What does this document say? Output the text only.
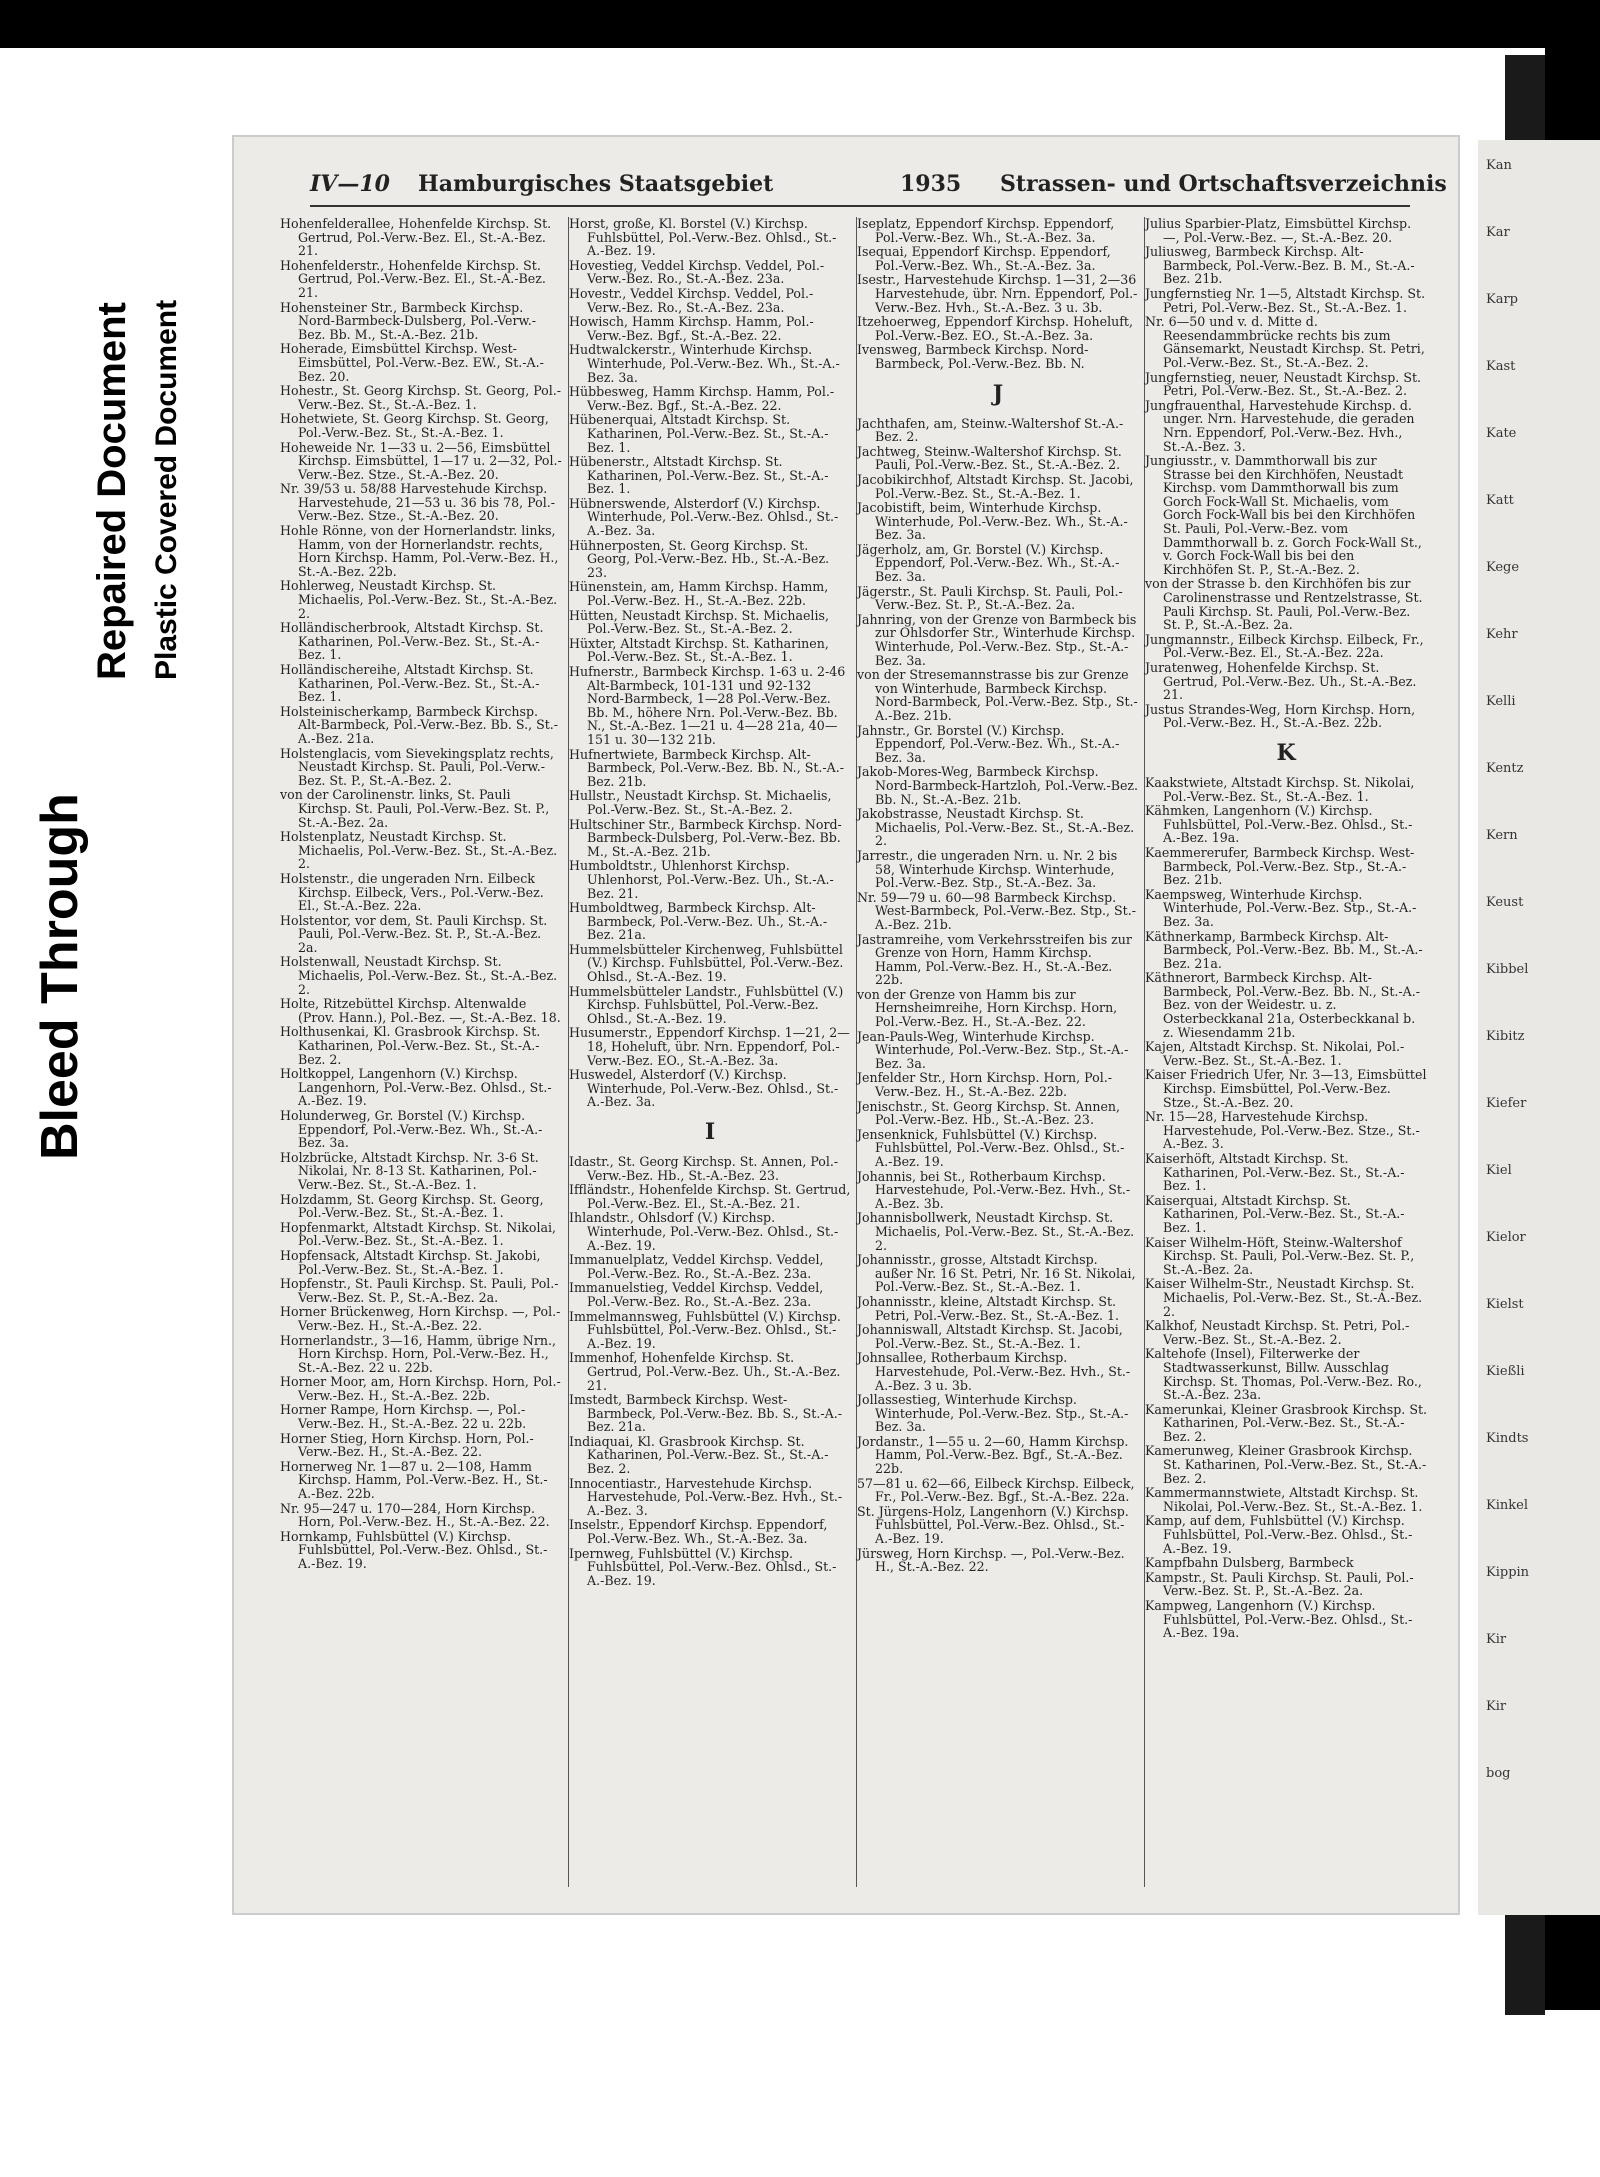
Bleed Through
Repaired Document Plastic Covered Document
IV—10 Hamburgisches Staatsgebiet	1935 Strassen- und Ortschaftsverzeichnis
Hohenfelderallee, Hohenfelde Kirchsp. St. Gertrud, Pol.-Verw.-Bez. El., St.-A.-Bez. 21.
Hohenfelderstr., Hohenfelde Kirchsp. St. Gertrud, Pol.-Verw.-Bez. El., St.-A.-Bez. 21.
Hohensteiner Str., Barmbeck Kirchsp. Nord-Barmbeck-Dulsberg, Pol.-Verw.-Bez. Bb. M., St.-A.-Bez. 21b.
Hoherade, Eimsbüttel Kirchsp. West-Eimsbüttel, Pol.-Verw.-Bez. EW., St.-A.-Bez. 20.
Hohestr., St. Georg Kirchsp. St. Georg, Pol.-Verw.-Bez. St., St.-A.-Bez. 1.
Hohetwiete, St. Georg Kirchsp. St. Georg, Pol.-Verw.-Bez. St., St.-A.-Bez. 1.
Hoheweide Nr. 1—33 u. 2—56, Eimsbüttel Kirchsp. Eimsbüttel, 1—17 u. 2—32, Pol.-Verw.-Bez. Stze., St.-A.-Bez. 20.
Nr. 39/53 u. 58/88 Harvestehude Kirchsp. Harvestehude, 21—53 u. 36 bis 78, Pol.-Verw.-Bez. Stze., St.-A.-Bez. 20.
Hohle Rönne, von der Hornerlandstr. links, Hamm, von der Hornerlandstr. rechts, Horn Kirchsp. Hamm, Pol.-Verw.-Bez. H., St.-A.-Bez. 22b.
Hohlerweg, Neustadt Kirchsp. St. Michaelis, Pol.-Verw.-Bez. St., St.-A.-Bez. 2.
Holländischerbrook, Altstadt Kirchsp. St. Katharinen, Pol.-Verw.-Bez. St., St.-A.-Bez. 1.
Holländischereihe, Altstadt Kirchsp. St. Katharinen, Pol.-Verw.-Bez. St., St.-A.-Bez. 1.
Holsteinischerkamp, Barmbeck Kirchsp. Alt-Barmbeck, Pol.-Verw.-Bez. Bb. S., St.-A.-Bez. 21a.
Holstenglacis, vom Sievekingsplatz rechts, Neustadt Kirchsp. St. Pauli, Pol.-Verw.-Bez. St. P., St.-A.-Bez. 2.
von der Carolinenstr. links, St. Pauli Kirchsp. St. Pauli, Pol.-Verw.-Bez. St. P., St.-A.-Bez. 2a.
Holstenplatz, Neustadt Kirchsp. St. Michaelis, Pol.-Verw.-Bez. St., St.-A.-Bez. 2.
Holstenstr., die ungeraden Nrn. Eilbeck Kirchsp. Eilbeck, Vers., Pol.-Verw.-Bez. El., St.-A.-Bez. 22a.
Holstentor, vor dem, St. Pauli Kirchsp. St. Pauli, Pol.-Verw.-Bez. St. P., St.-A.-Bez. 2a.
Holstenwall, Neustadt Kirchsp. St. Michaelis, Pol.-Verw.-Bez. St., St.-A.-Bez. 2.
Holte, Ritzebüttel Kirchsp. Altenwalde (Prov. Hann.), Pol.-Bez. —, St.-A.-Bez. 18.
Holthusenkai, Kl. Grasbrook Kirchsp. St. Katharinen, Pol.-Verw.-Bez. St., St.-A.-Bez. 2.
Holtkoppel, Langenhorn (V.) Kirchsp. Langenhorn, Pol.-Verw.-Bez. Ohlsd., St.-A.-Bez. 19.
Holunderweg, Gr. Borstel (V.) Kirchsp. Eppendorf, Pol.-Verw.-Bez. Wh., St.-A.-Bez. 3a.
Holzbrücke, Altstadt Kirchsp. Nr. 3-6 St. Nikolai, Nr. 8-13 St. Katharinen, Pol.-Verw.-Bez. St., St.-A.-Bez. 1.
Holzdamm, St. Georg Kirchsp. St. Georg, Pol.-Verw.-Bez. St., St.-A.-Bez. 1.
Hopfenmarkt, Altstadt Kirchsp. St. Nikolai, Pol.-Verw.-Bez. St., St.-A.-Bez. 1.
Hopfensack, Altstadt Kirchsp. St. Jakobi, Pol.-Verw.-Bez. St., St.-A.-Bez. 1.
Hopfenstr., St. Pauli Kirchsp. St. Pauli, Pol.-Verw.-Bez. St. P., St.-A.-Bez. 2a.
Horner Brückenweg, Horn Kirchsp. —, Pol.-Verw.-Bez. H., St.-A.-Bez. 22.
Hornerlandstr., 3—16, Hamm, übrige Nrn., Horn Kirchsp. Horn, Pol.-Verw.-Bez. H., St.-A.-Bez. 22 u. 22b.
Horner Moor, am, Horn Kirchsp. Horn, Pol.-Verw.-Bez. H., St.-A.-Bez. 22b.
Horner Rampe, Horn Kirchsp. —, Pol.-Verw.-Bez. H., St.-A.-Bez. 22 u. 22b.
Horner Stieg, Horn Kirchsp. Horn, Pol.-Verw.-Bez. H., St.-A.-Bez. 22.
Hornerweg Nr. 1—87 u. 2—108, Hamm Kirchsp. Hamm, Pol.-Verw.-Bez. H., St.-A.-Bez. 22b.
Nr. 95—247 u. 170—284, Horn Kirchsp. Horn, Pol.-Verw.-Bez. H., St.-A.-Bez. 22.
Hornkamp, Fuhlsbüttel (V.) Kirchsp. Fuhlsbüttel, Pol.-Verw.-Bez. Ohlsd., St.-A.-Bez. 19.
Horst, große, Kl. Borstel (V.) Kirchsp. Fuhlsbüttel, Pol.-Verw.-Bez. Ohlsd., St.-A.-Bez. 19.
Hovestieg, Veddel Kirchsp. Veddel, Pol.-Verw.-Bez. Ro., St.-A.-Bez. 23a.
Hovestr., Veddel Kirchsp. Veddel, Pol.-Verw.-Bez. Ro., St.-A.-Bez. 23a.
Howisch, Hamm Kirchsp. Hamm, Pol.-Verw.-Bez. Bgf., St.-A.-Bez. 22.
Hudtwalckerstr., Winterhude Kirchsp. Winterhude, Pol.-Verw.-Bez. Wh., St.-A.-Bez. 3a.
Hübbesweg, Hamm Kirchsp. Hamm, Pol.-Verw.-Bez. Bgf., St.-A.-Bez. 22.
Hübenerquai, Altstadt Kirchsp. St. Katharinen, Pol.-Verw.-Bez. St., St.-A.-Bez. 1.
Hübenerstr., Altstadt Kirchsp. St. Katharinen, Pol.-Verw.-Bez. St., St.-A.-Bez. 1.
Hübnerswende, Alsterdorf (V.) Kirchsp. Winterhude, Pol.-Verw.-Bez. Ohlsd., St.-A.-Bez. 3a.
Hühnerposten, St. Georg Kirchsp. St. Georg, Pol.-Verw.-Bez. Hb., St.-A.-Bez. 23.
Hünenstein, am, Hamm Kirchsp. Hamm, Pol.-Verw.-Bez. H., St.-A.-Bez. 22b.
Hütten, Neustadt Kirchsp. St. Michaelis, Pol.-Verw.-Bez. St., St.-A.-Bez. 2.
Hüxter, Altstadt Kirchsp. St. Katharinen, Pol.-Verw.-Bez. St., St.-A.-Bez. 1.
Hufnerstr., Barmbeck Kirchsp. 1-63 u. 2-46 Alt-Barmbeck, 101-131 und 92-132 Nord-Barmbeck, 1—28 Pol.-Verw.-Bez. Bb. M., höhere Nrn. Pol.-Verw.-Bez. Bb. N., St.-A.-Bez. 1—21 u. 4—28 21a, 40—151 u. 30—132 21b.
Hufnertwiete, Barmbeck Kirchsp. Alt-Barmbeck, Pol.-Verw.-Bez. Bb. N., St.-A.-Bez. 21b.
Hullstr., Neustadt Kirchsp. St. Michaelis, Pol.-Verw.-Bez. St., St.-A.-Bez. 2.
Hultschiner Str., Barmbeck Kirchsp. Nord-Barmbeck-Dulsberg, Pol.-Verw.-Bez. Bb. M., St.-A.-Bez. 21b.
Humboldtstr., Uhlenhorst Kirchsp. Uhlenhorst, Pol.-Verw.-Bez. Uh., St.-A.-Bez. 21.
Humboldtweg, Barmbeck Kirchsp. Alt-Barmbeck, Pol.-Verw.-Bez. Uh., St.-A.-Bez. 21a.
Hummelsbütteler Kirchenweg, Fuhlsbüttel (V.) Kirchsp. Fuhlsbüttel, Pol.-Verw.-Bez. Ohlsd., St.-A.-Bez. 19.
Hummelsbütteler Landstr., Fuhlsbüttel (V.) Kirchsp. Fuhlsbüttel, Pol.-Verw.-Bez. Ohlsd., St.-A.-Bez. 19.
Husumerstr., Eppendorf Kirchsp. 1—21, 2—18, Hoheluft, übr. Nrn. Eppendorf, Pol.-Verw.-Bez. EO., St.-A.-Bez. 3a.
Huswedel, Alsterdorf (V.) Kirchsp. Winterhude, Pol.-Verw.-Bez. Ohlsd., St.-A.-Bez. 3a.
I
Idastr., St. Georg Kirchsp. St. Annen, Pol.-Verw.-Bez. Hb., St.-A.-Bez. 23.
Iffländstr., Hohenfelde Kirchsp. St. Gertrud, Pol.-Verw.-Bez. El., St.-A.-Bez. 21.
Ihlandstr., Ohlsdorf (V.) Kirchsp. Winterhude, Pol.-Verw.-Bez. Ohlsd., St.-A.-Bez. 19.
Immanuelplatz, Veddel Kirchsp. Veddel, Pol.-Verw.-Bez. Ro., St.-A.-Bez. 23a.
Immanuelstieg, Veddel Kirchsp. Veddel, Pol.-Verw.-Bez. Ro., St.-A.-Bez. 23a.
Immelmannsweg, Fuhlsbüttel (V.) Kirchsp. Fuhlsbüttel, Pol.-Verw.-Bez. Ohlsd., St.-A.-Bez. 19.
Immenhof, Hohenfelde Kirchsp. St. Gertrud, Pol.-Verw.-Bez. Uh., St.-A.-Bez. 21.
Imstedt, Barmbeck Kirchsp. West-Barmbeck, Pol.-Verw.-Bez. Bb. S., St.-A.-Bez. 21a.
Indiaquai, Kl. Grasbrook Kirchsp. St. Katharinen, Pol.-Verw.-Bez. St., St.-A.-Bez. 2.
Innocentiastr., Harvestehude Kirchsp. Harvestehude, Pol.-Verw.-Bez. Hvh., St.-A.-Bez. 3.
Inselstr., Eppendorf Kirchsp. Eppendorf, Pol.-Verw.-Bez. Wh., St.-A.-Bez. 3a.
Ipernweg, Fuhlsbüttel (V.) Kirchsp. Fuhlsbüttel, Pol.-Verw.-Bez. Ohlsd., St.-A.-Bez. 19.
Iseplatz, Eppendorf Kirchsp. Eppendorf, Pol.-Verw.-Bez. Wh., St.-A.-Bez. 3a.
Isequai, Eppendorf Kirchsp. Eppendorf, Pol.-Verw.-Bez. Wh., St.-A.-Bez. 3a.
Isestr., Harvestehude Kirchsp. 1—31, 2—36 Harvestehude, übr. Nrn. Eppendorf, Pol.-Verw.-Bez. Hvh., St.-A.-Bez. 3 u. 3b.
Itzehoerweg, Eppendorf Kirchsp. Hoheluft, Pol.-Verw.-Bez. EO., St.-A.-Bez. 3a.
Ivensweg, Barmbeck Kirchsp. Nord-Barmbeck, Pol.-Verw.-Bez. Bb. N.
J
Jachthafen, am, Steinw.-Waltershof St.-A.-Bez. 2.
Jachtweg, Steinw.-Waltershof Kirchsp. St. Pauli, Pol.-Verw.-Bez. St., St.-A.-Bez. 2.
Jacobikirchhof, Altstadt Kirchsp. St. Jacobi, Pol.-Verw.-Bez. St., St.-A.-Bez. 1.
Jacobistift, beim, Winterhude Kirchsp. Winterhude, Pol.-Verw.-Bez. Wh., St.-A.-Bez. 3a.
Jägerholz, am, Gr. Borstel (V.) Kirchsp. Eppendorf, Pol.-Verw.-Bez. Wh., St.-A.-Bez. 3a.
Jägerstr., St. Pauli Kirchsp. St. Pauli, Pol.-Verw.-Bez. St. P., St.-A.-Bez. 2a.
Jahnring, von der Grenze von Barmbeck bis zur Ohlsdorfer Str., Winterhude Kirchsp. Winterhude, Pol.-Verw.-Bez. Stp., St.-A.-Bez. 3a.
von der Stresemannstrasse bis zur Grenze von Winterhude, Barmbeck Kirchsp. Nord-Barmbeck, Pol.-Verw.-Bez. Stp., St.-A.-Bez. 21b.
Jahnstr., Gr. Borstel (V.) Kirchsp. Eppendorf, Pol.-Verw.-Bez. Wh., St.-A.-Bez. 3a.
Jakob-Mores-Weg, Barmbeck Kirchsp. Nord-Barmbeck-Hartzloh, Pol.-Verw.-Bez. Bb. N., St.-A.-Bez. 21b.
Jakobstrasse, Neustadt Kirchsp. St. Michaelis, Pol.-Verw.-Bez. St., St.-A.-Bez. 2.
Jarrestr., die ungeraden Nrn. u. Nr. 2 bis 58, Winterhude Kirchsp. Winterhude, Pol.-Verw.-Bez. Stp., St.-A.-Bez. 3a.
Nr. 59—79 u. 60—98 Barmbeck Kirchsp. West-Barmbeck, Pol.-Verw.-Bez. Stp., St.-A.-Bez. 21b.
Jastramreihe, vom Verkehrsstreifen bis zur Grenze von Horn, Hamm Kirchsp. Hamm, Pol.-Verw.-Bez. H., St.-A.-Bez. 22b.
von der Grenze von Hamm bis zur Hernsheimreihe, Horn Kirchsp. Horn, Pol.-Verw.-Bez. H., St.-A.-Bez. 22.
Jean-Pauls-Weg, Winterhude Kirchsp. Winterhude, Pol.-Verw.-Bez. Stp., St.-A.-Bez. 3a.
Jenfelder Str., Horn Kirchsp. Horn, Pol.-Verw.-Bez. H., St.-A.-Bez. 22b.
Jenischstr., St. Georg Kirchsp. St. Annen, Pol.-Verw.-Bez. Hb., St.-A.-Bez. 23.
Jensenknick, Fuhlsbüttel (V.) Kirchsp. Fuhlsbüttel, Pol.-Verw.-Bez. Ohlsd., St.-A.-Bez. 19.
Johannis, bei St., Rotherbaum Kirchsp. Harvestehude, Pol.-Verw.-Bez. Hvh., St.-A.-Bez. 3b.
Johannisbollwerk, Neustadt Kirchsp. St. Michaelis, Pol.-Verw.-Bez. St., St.-A.-Bez. 2.
Johannisstr., grosse, Altstadt Kirchsp. außer Nr. 16 St. Petri, Nr. 16 St. Nikolai, Pol.-Verw.-Bez. St., St.-A.-Bez. 1.
Johannisstr., kleine, Altstadt Kirchsp. St. Petri, Pol.-Verw.-Bez. St., St.-A.-Bez. 1.
Johanniswall, Altstadt Kirchsp. St. Jacobi, Pol.-Verw.-Bez. St., St.-A.-Bez. 1.
Johnsallee, Rotherbaum Kirchsp. Harvestehude, Pol.-Verw.-Bez. Hvh., St.-A.-Bez. 3 u. 3b.
Jollassestieg, Winterhude Kirchsp. Winterhude, Pol.-Verw.-Bez. Stp., St.-A.-Bez. 3a.
Jordanstr., 1—55 u. 2—60, Hamm Kirchsp. Hamm, Pol.-Verw.-Bez. Bgf., St.-A.-Bez. 22b.
57—81 u. 62—66, Eilbeck Kirchsp. Eilbeck, Fr., Pol.-Verw.-Bez. Bgf., St.-A.-Bez. 22a.
St. Jürgens-Holz, Langenhorn (V.) Kirchsp. Fuhlsbüttel, Pol.-Verw.-Bez. Ohlsd., St.-A.-Bez. 19.
Jürsweg, Horn Kirchsp. —, Pol.-Verw.-Bez. H., St.-A.-Bez. 22.
Julius Sparbier-Platz, Eimsbüttel Kirchsp. —, Pol.-Verw.-Bez. —, St.-A.-Bez. 20.
Juliusweg, Barmbeck Kirchsp. Alt-Barmbeck, Pol.-Verw.-Bez. B. M., St.-A.-Bez. 21b.
Jungfernstieg Nr. 1—5, Altstadt Kirchsp. St. Petri, Pol.-Verw.-Bez. St., St.-A.-Bez. 1.
Nr. 6—50 und v. d. Mitte d. Reesendammbrücke rechts bis zum Gänsemarkt, Neustadt Kirchsp. St. Petri, Pol.-Verw.-Bez. St., St.-A.-Bez. 2.
Jungfernstieg, neuer, Neustadt Kirchsp. St. Petri, Pol.-Verw.-Bez. St., St.-A.-Bez. 2.
Jungfrauenthal, Harvestehude Kirchsp. d. unger. Nrn. Harvestehude, die geraden Nrn. Eppendorf, Pol.-Verw.-Bez. Hvh., St.-A.-Bez. 3.
Jungiusstr., v. Dammthorwall bis zur Strasse bei den Kirchhöfen, Neustadt Kirchsp. vom Dammthorwall bis zum Gorch Fock-Wall St. Michaelis, vom Gorch Fock-Wall bis bei den Kirchhöfen St. Pauli, Pol.-Verw.-Bez. vom Dammthorwall b. z. Gorch Fock-Wall St., v. Gorch Fock-Wall bis bei den Kirchhöfen St. P., St.-A.-Bez. 2.
von der Strasse b. den Kirchhöfen bis zur Carolinenstrasse und Rentzelstrasse, St. Pauli Kirchsp. St. Pauli, Pol.-Verw.-Bez. St. P., St.-A.-Bez. 2a.
Jungmannstr., Eilbeck Kirchsp. Eilbeck, Fr., Pol.-Verw.-Bez. El., St.-A.-Bez. 22a.
Juratenweg, Hohenfelde Kirchsp. St. Gertrud, Pol.-Verw.-Bez. Uh., St.-A.-Bez. 21.
Justus Strandes-Weg, Horn Kirchsp. Horn, Pol.-Verw.-Bez. H., St.-A.-Bez. 22b.
K
Kaakstwiete, Altstadt Kirchsp. St. Nikolai, Pol.-Verw.-Bez. St., St.-A.-Bez. 1.
Kähmken, Langenhorn (V.) Kirchsp. Fuhlsbüttel, Pol.-Verw.-Bez. Ohlsd., St.-A.-Bez. 19a.
Kaemmererufer, Barmbeck Kirchsp. West-Barmbeck, Pol.-Verw.-Bez. Stp., St.-A.-Bez. 21b.
Kaempsweg, Winterhude Kirchsp. Winterhude, Pol.-Verw.-Bez. Stp., St.-A.-Bez. 3a.
Käthnerkamp, Barmbeck Kirchsp. Alt-Barmbeck, Pol.-Verw.-Bez. Bb. M., St.-A.-Bez. 21a.
Käthnerort, Barmbeck Kirchsp. Alt-Barmbeck, Pol.-Verw.-Bez. Bb. N., St.-A.-Bez. von der Weidestr. u. z. Osterbeckkanal 21a, Osterbeckkanal b. z. Wiesendamm 21b.
Kajen, Altstadt Kirchsp. St. Nikolai, Pol.-Verw.-Bez. St., St.-A.-Bez. 1.
Kaiser Friedrich Ufer, Nr. 3—13, Eimsbüttel Kirchsp. Eimsbüttel, Pol.-Verw.-Bez. Stze., St.-A.-Bez. 20.
Nr. 15—28, Harvestehude Kirchsp. Harvestehude, Pol.-Verw.-Bez. Stze., St.-A.-Bez. 3.
Kaiserhöft, Altstadt Kirchsp. St. Katharinen, Pol.-Verw.-Bez. St., St.-A.-Bez. 1.
Kaiserquai, Altstadt Kirchsp. St. Katharinen, Pol.-Verw.-Bez. St., St.-A.-Bez. 1.
Kaiser Wilhelm-Höft, Steinw.-Waltershof Kirchsp. St. Pauli, Pol.-Verw.-Bez. St. P., St.-A.-Bez. 2a.
Kaiser Wilhelm-Str., Neustadt Kirchsp. St. Michaelis, Pol.-Verw.-Bez. St., St.-A.-Bez. 2.
Kalkhof, Neustadt Kirchsp. St. Petri, Pol.-Verw.-Bez. St., St.-A.-Bez. 2.
Kaltehofe (Insel), Filterwerke der Stadtwasserkunst, Billw. Ausschlag Kirchsp. St. Thomas, Pol.-Verw.-Bez. Ro., St.-A.-Bez. 23a.
Kamerunkai, Kleiner Grasbrook Kirchsp. St. Katharinen, Pol.-Verw.-Bez. St., St.-A.-Bez. 2.
Kamerunweg, Kleiner Grasbrook Kirchsp. St. Katharinen, Pol.-Verw.-Bez. St., St.-A.-Bez. 2.
Kammermannstwiete, Altstadt Kirchsp. St. Nikolai, Pol.-Verw.-Bez. St., St.-A.-Bez. 1.
Kamp, auf dem, Fuhlsbüttel (V.) Kirchsp. Fuhlsbüttel, Pol.-Verw.-Bez. Ohlsd., St.-A.-Bez. 19.
Kampfbahn Dulsberg, Barmbeck
Kampstr., St. Pauli Kirchsp. St. Pauli, Pol.-Verw.-Bez. St. P., St.-A.-Bez. 2a.
Kampweg, Langenhorn (V.) Kirchsp. Fuhlsbüttel, Pol.-Verw.-Bez. Ohlsd., St.-A.-Bez. 19a.
Kan
Kar
Karp
Kast
Kate
Katt
Kege
Kehr
Kelli
Kentz
Kern
Keust
Kibbel
Kibitz
Kiefer
Kiel
Kielor
Kielst
Kießli
Kindts
Kinkel
Kippin
Kir
Kir
bog
